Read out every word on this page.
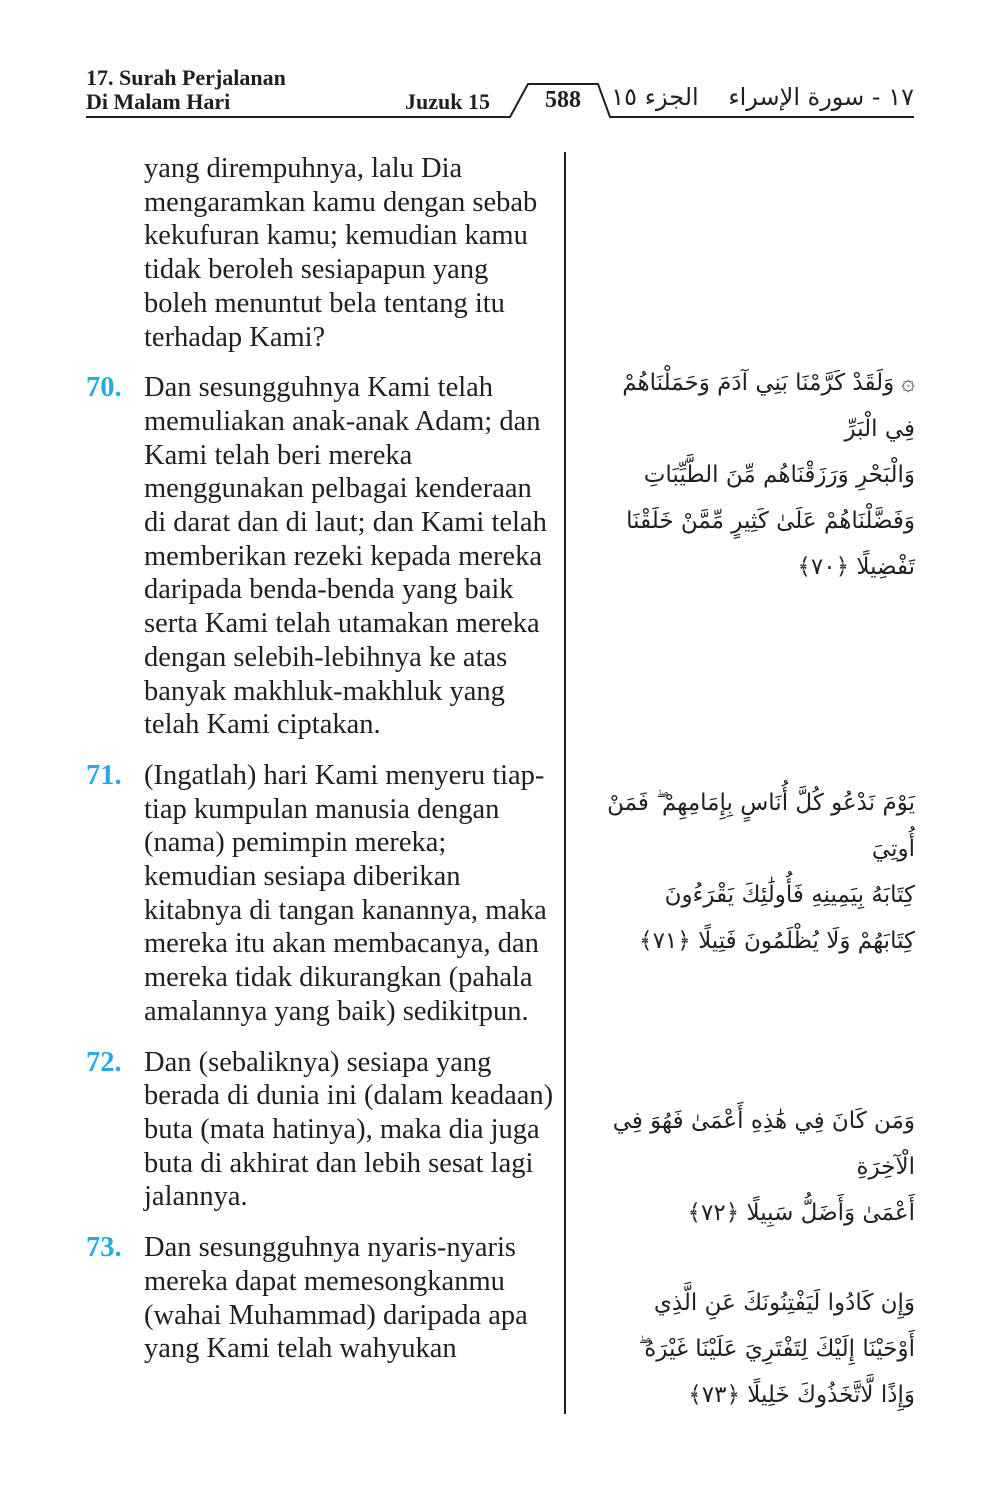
17. Surah Perjalanan
Di Malam Hari	Juzuk 15	588	الجزء ١٥	١٧ - سورة الإسراء

yang dirempuhnya, lalu Dia mengaramkan kamu dengan sebab kekufuran kamu; kemudian kamu tidak beroleh sesiapapun yang boleh menuntut bela tentang itu terhadap Kami?

70. Dan sesungguhnya Kami telah memuliakan anak-anak Adam; dan Kami telah beri mereka menggunakan pelbagai kenderaan di darat dan di laut; dan Kami telah memberikan rezeki kepada mereka daripada benda-benda yang baik serta Kami telah utamakan mereka dengan selebih-lebihnya ke atas banyak makhluk-makhluk yang telah Kami ciptakan.
71. (Ingatlah) hari Kami menyeru tiap-tiap kumpulan manusia dengan (nama) pemimpin mereka; kemudian sesiapa diberikan kitabnya di tangan kanannya, maka mereka itu akan membacanya, dan mereka tidak dikurangkan (pahala amalannya yang baik) sedikitpun.
72. Dan (sebaliknya) sesiapa yang berada di dunia ini (dalam keadaan) buta (mata hatinya), maka dia juga buta di akhirat dan lebih sesat lagi jalannya.
73. Dan sesungguhnya nyaris-nyaris mereka dapat memesongkanmu (wahai Muhammad) daripada apa yang Kami telah wahyukan
۞ وَلَقَدْ كَرَّمْنَا بَنِي آدَمَ وَحَمَلْنَاهُمْ فِي الْبَرِّ
وَالْبَحْرِ وَرَزَقْنَاهُم مِّنَ الطَّيِّبَاتِ
وَفَضَّلْنَاهُمْ عَلَىٰ كَثِيرٍ مِّمَّنْ خَلَقْنَا
تَفْضِيلًا ﴿٧٠﴾
يَوْمَ نَدْعُو كُلَّ أُنَاسٍ بِإِمَامِهِمْ ۖ فَمَنْ أُوتِيَ
كِتَابَهُ بِيَمِينِهِ فَأُولَٰئِكَ يَقْرَءُونَ
كِتَابَهُمْ وَلَا يُظْلَمُونَ فَتِيلًا ﴿٧١﴾
وَمَن كَانَ فِي هَٰذِهِ أَعْمَىٰ فَهُوَ فِي الْآخِرَةِ
أَعْمَىٰ وَأَضَلُّ سَبِيلًا ﴿٧٢﴾
وَإِن كَادُوا لَيَفْتِنُونَكَ عَنِ الَّذِي
أَوْحَيْنَا إِلَيْكَ لِتَفْتَرِيَ عَلَيْنَا غَيْرَهُ ۖ
وَإِذًا لَّاتَّخَذُوكَ خَلِيلًا ﴿٧٣﴾
